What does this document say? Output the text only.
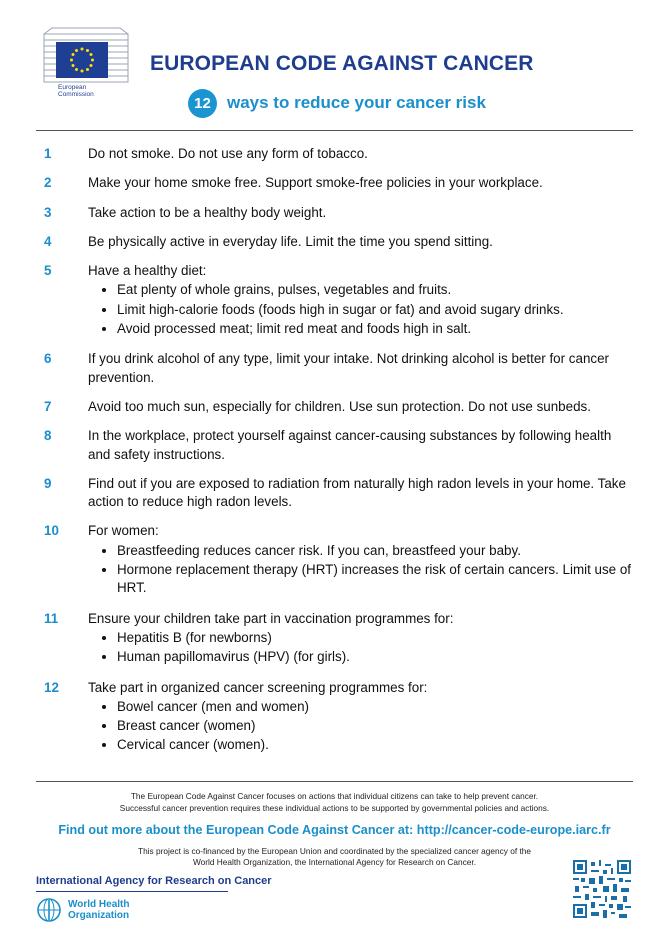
European
Commission
EUROPEAN CODE AGAINST CANCER
12 ways to reduce your cancer risk
1	Do not smoke. Do not use any form of tobacco.
2	Make your home smoke free. Support smoke-free policies in your workplace.
3	Take action to be a healthy body weight.
4	Be physically active in everyday life. Limit the time you spend sitting.
5	Have a healthy diet:
• Eat plenty of whole grains, pulses, vegetables and fruits.
• Limit high-calorie foods (foods high in sugar or fat) and avoid sugary drinks.
• Avoid processed meat; limit red meat and foods high in salt.
6	If you drink alcohol of any type, limit your intake. Not drinking alcohol is better for cancer prevention.
7	Avoid too much sun, especially for children. Use sun protection. Do not use sunbeds.
8	In the workplace, protect yourself against cancer-causing substances by following health and safety instructions.
9	Find out if you are exposed to radiation from naturally high radon levels in your home. Take action to reduce high radon levels.
10	For women:
• Breastfeeding reduces cancer risk. If you can, breastfeed your baby.
• Hormone replacement therapy (HRT) increases the risk of certain cancers. Limit use of HRT.
11	Ensure your children take part in vaccination programmes for:
• Hepatitis B (for newborns)
• Human papillomavirus (HPV) (for girls).
12	Take part in organized cancer screening programmes for:
• Bowel cancer (men and women)
• Breast cancer (women)
• Cervical cancer (women).
The European Code Against Cancer focuses on actions that individual citizens can take to help prevent cancer.
Successful cancer prevention requires these individual actions to be supported by governmental policies and actions.
Find out more about the European Code Against Cancer at: http://cancer-code-europe.iarc.fr
This project is co-financed by the European Union and coordinated by the specialized cancer agency of the
World Health Organization, the International Agency for Research on Cancer.
International Agency for Research on Cancer
World Health
Organization
